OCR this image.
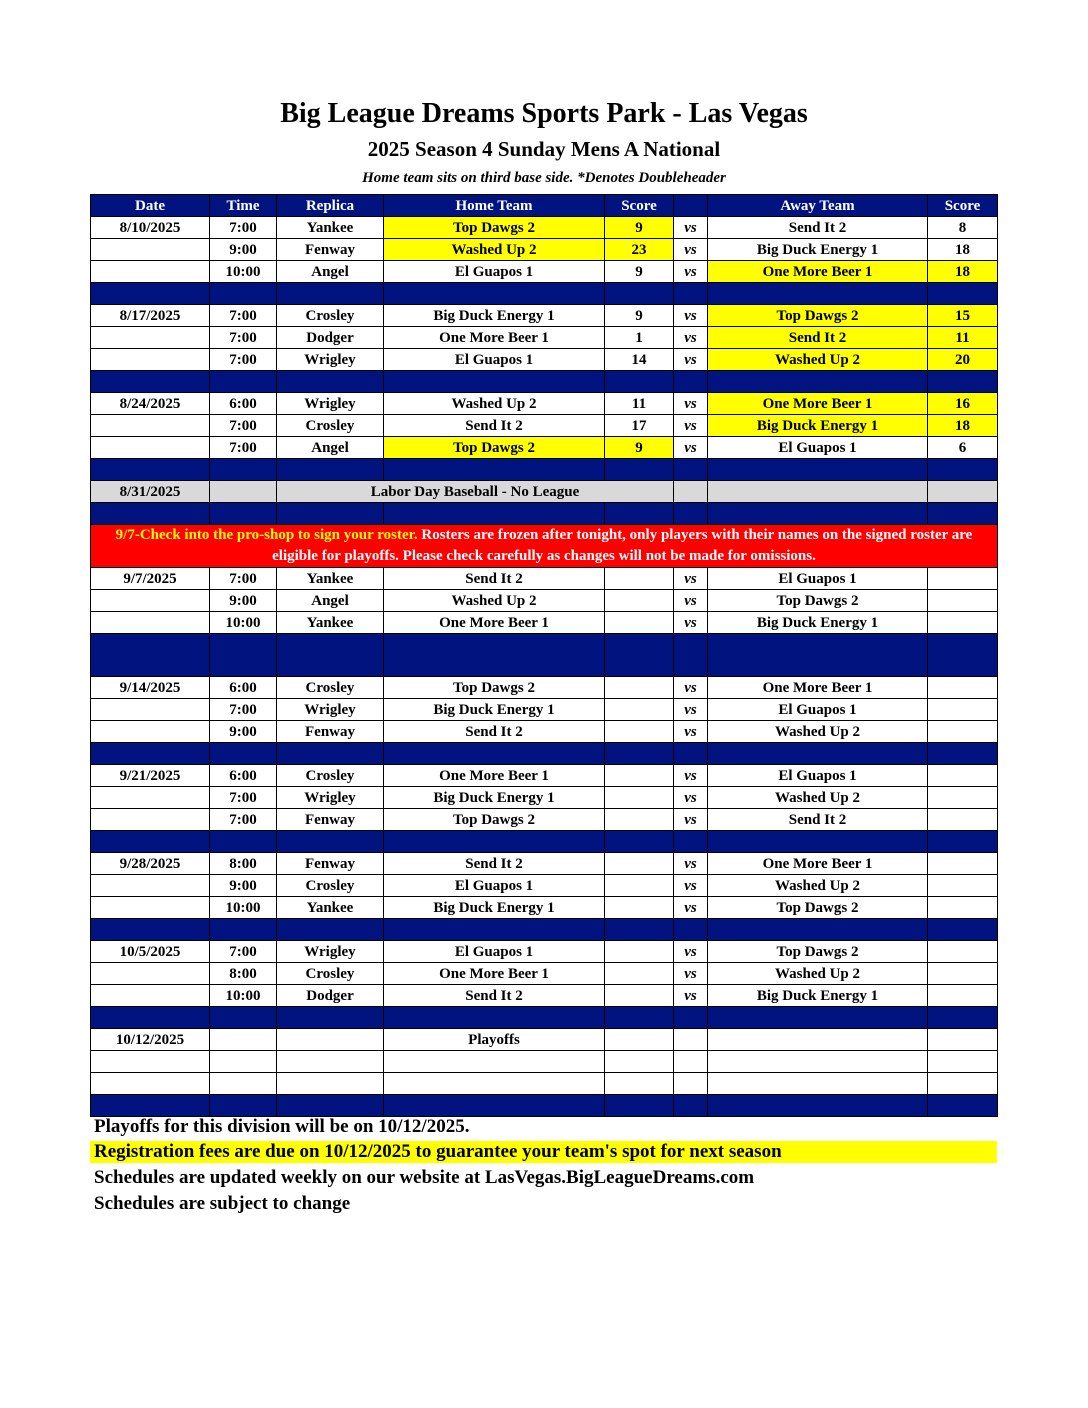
Big League Dreams Sports Park - Las Vegas
2025 Season 4 Sunday Mens A National
Home team sits on third base side. *Denotes Doubleheader
Date	Time	Replica	Home Team	Score		Away Team	Score
8/10/2025	7:00	Yankee	Top Dawgs 2	9	vs	Send It 2	8
	9:00	Fenway	Washed Up 2	23	vs	Big Duck Energy 1	18
	10:00	Angel	El Guapos 1	9	vs	One More Beer 1	18

8/17/2025	7:00	Crosley	Big Duck Energy 1	9	vs	Top Dawgs 2	15
	7:00	Dodger	One More Beer 1	1	vs	Send It 2	11
	7:00	Wrigley	El Guapos 1	14	vs	Washed Up 2	20

8/24/2025	6:00	Wrigley	Washed Up 2	11	vs	One More Beer 1	16
	7:00	Crosley	Send It 2	17	vs	Big Duck Energy 1	18
	7:00	Angel	Top Dawgs 2	9	vs	El Guapos 1	6

8/31/2025		Labor Day Baseball - No League					

9/7-Check into the pro-shop to sign your roster. Rosters are frozen after tonight, only players with their names on the signed roster are eligible for playoffs. Please check carefully as changes will not be made for omissions.							
9/7/2025	7:00	Yankee	Send It 2		vs	El Guapos 1	
	9:00	Angel	Washed Up 2		vs	Top Dawgs 2	
	10:00	Yankee	One More Beer 1		vs	Big Duck Energy 1	

9/14/2025	6:00	Crosley	Top Dawgs 2		vs	One More Beer 1	
	7:00	Wrigley	Big Duck Energy 1		vs	El Guapos 1	
	9:00	Fenway	Send It 2		vs	Washed Up 2	

9/21/2025	6:00	Crosley	One More Beer 1		vs	El Guapos 1	
	7:00	Wrigley	Big Duck Energy 1		vs	Washed Up 2	
	7:00	Fenway	Top Dawgs 2		vs	Send It 2	

9/28/2025	8:00	Fenway	Send It 2		vs	One More Beer 1	
	9:00	Crosley	El Guapos 1		vs	Washed Up 2	
	10:00	Yankee	Big Duck Energy 1		vs	Top Dawgs 2	

10/5/2025	7:00	Wrigley	El Guapos 1		vs	Top Dawgs 2	
	8:00	Crosley	One More Beer 1		vs	Washed Up 2	
	10:00	Dodger	Send It 2		vs	Big Duck Energy 1	

10/12/2025			Playoffs				

Playoffs for this division will be on 10/12/2025.
Registration fees are due on 10/12/2025 to guarantee your team's spot for next season
Schedules are updated weekly on our website at LasVegas.BigLeagueDreams.com
Schedules are subject to change
